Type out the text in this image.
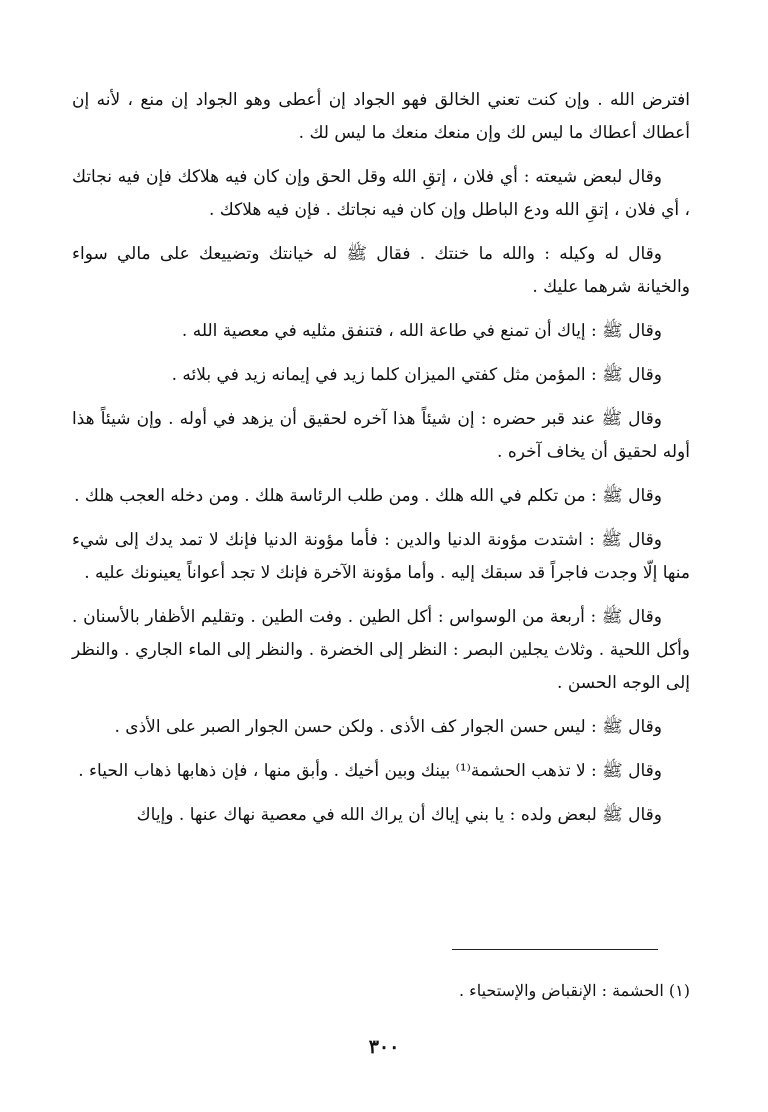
افترض الله . وإن كنت تعني الخالق فهو الجواد إن أعطى وهو الجواد إن منع ، لأنه إن أعطاك أعطاك ما ليس لك وإن منعك منعك ما ليس لك .

وقال لبعض شيعته : أي فلان ، إتقِ الله وقل الحق وإن كان فيه هلاكك فإن فيه نجاتك ، أي فلان ، إتقِ الله ودع الباطل وإن كان فيه نجاتك . فإن فيه هلاكك .

وقال له وكيله : والله ما خنتك . فقال ﷺ له خيانتك وتضييعك على مالي سواء والخيانة شرهما عليك .

وقال ﷺ : إياك أن تمنع في طاعة الله ، فتنفق مثليه في معصية الله .

وقال ﷺ : المؤمن مثل كفتي الميزان كلما زيد في إيمانه زيد في بلائه .

وقال ﷺ عند قبر حضره : إن شيئاً هذا آخره لحقيق أن يزهد في أوله . وإن شيئاً هذا أوله لحقيق أن يخاف آخره .

وقال ﷺ : من تكلم في الله هلك . ومن طلب الرئاسة هلك . ومن دخله العجب هلك .

وقال ﷺ : اشتدت مؤونة الدنيا والدين : فأما مؤونة الدنيا فإنك لا تمد يدك إلى شيء منها إلّا وجدت فاجراً قد سبقك إليه . وأما مؤونة الآخرة فإنك لا تجد أعواناً يعينونك عليه .

وقال ﷺ : أربعة من الوسواس : أكل الطين . وفت الطين . وتقليم الأظفار بالأسنان . وأكل اللحية . وثلاث يجلين البصر : النظر إلى الخضرة . والنظر إلى الماء الجاري . والنظر إلى الوجه الحسن .

وقال ﷺ : ليس حسن الجوار كف الأذى . ولكن حسن الجوار الصبر على الأذى .

وقال ﷺ : لا تذهب الحشمة⁽¹⁾ بينك وبين أخيك . وأبق منها ، فإن ذهابها ذهاب الحياء .

وقال ﷺ لبعض ولده : يا بني إياك أن يراك الله في معصية نهاك عنها . وإياك

(١) الحشمة : الإنقباض والإستحياء .
٣٠٠
